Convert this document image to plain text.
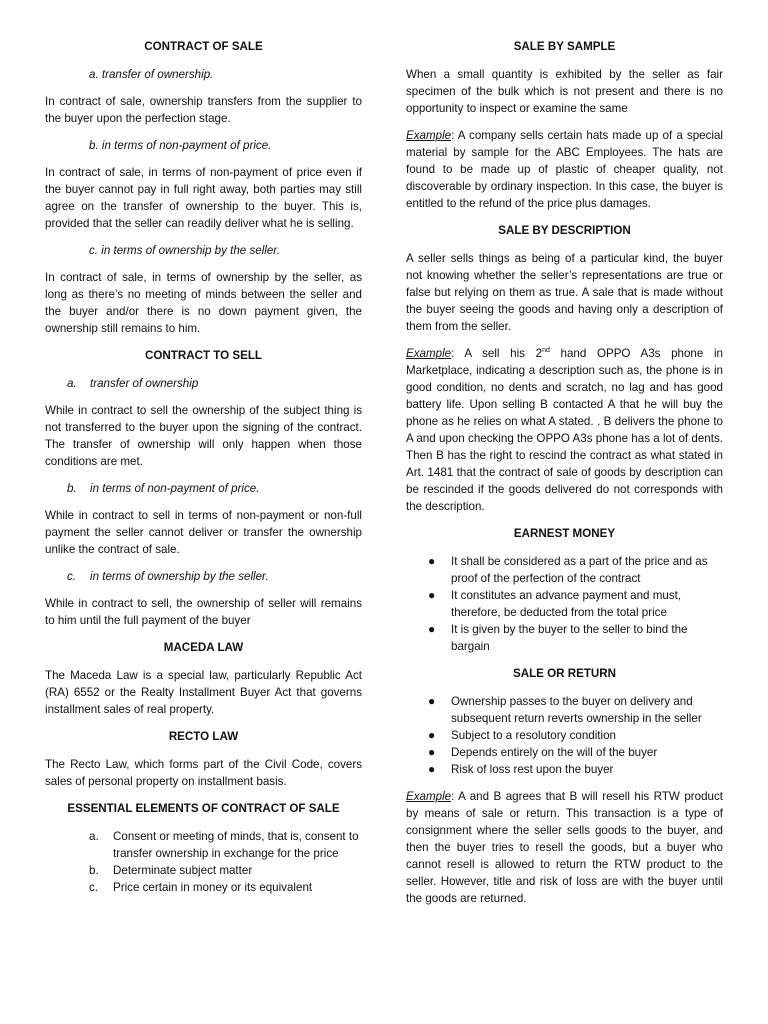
CONTRACT OF SALE
a. transfer of ownership.

In contract of sale, ownership transfers from the supplier to the buyer upon the perfection stage.

b. in terms of non-payment of price.

In contract of sale, in terms of non-payment of price even if the buyer cannot pay in full right away, both parties may still agree on the transfer of ownership to the buyer. This is, provided that the seller can readily deliver what he is selling.

c. in terms of ownership by the seller.

In contract of sale, in terms of ownership by the seller, as long as there’s no meeting of minds between the seller and the buyer and/or there is no down payment given, the ownership still remains to him.

CONTRACT TO SELL
a.	transfer of ownership

While in contract to sell the ownership of the subject thing is not transferred to the buyer upon the signing of the contract. The transfer of ownership will only happen when those conditions are met.

b.	in terms of non-payment of price.

While in contract to sell in terms of non-payment or non-full payment the seller cannot deliver or transfer the ownership unlike the contract of sale.

c.	in terms of ownership by the seller.

While in contract to sell, the ownership of seller will remains to him until the full payment of the buyer

MACEDA LAW

The Maceda Law is a special law, particularly Republic Act (RA) 6552 or the Realty Installment Buyer Act that governs installment sales of real property.

RECTO LAW

The Recto Law, which forms part of the Civil Code, covers sales of personal property on installment basis.

ESSENTIAL ELEMENTS OF CONTRACT OF SALE
a.	Consent or meeting of minds, that is, consent to transfer ownership in exchange for the price
b.	Determinate subject matter
c.	Price certain in money or its equivalent
SALE BY SAMPLE

When a small quantity is exhibited by the seller as fair specimen of the bulk which is not present and there is no opportunity to inspect or examine the same

Example: A company sells certain hats made up of a special material by sample for the ABC Employees. The hats are found to be made up of plastic of cheaper quality, not discoverable by ordinary inspection. In this case, the buyer is entitled to the refund of the price plus damages.

SALE BY DESCRIPTION

A seller sells things as being of a particular kind, the buyer not knowing whether the seller’s representations are true or false but relying on them as true. A sale that is made without the buyer seeing the goods and having only a description of them from the seller.

Example: A sell his 2nd hand OPPO A3s phone in Marketplace, indicating a description such as, the phone is in good condition, no dents and scratch, no lag and has good battery life. Upon selling B contacted A that he will buy the phone as he relies on what A stated. . B delivers the phone to A and upon checking the OPPO A3s phone has a lot of dents. Then B has the right to rescind the contract as what stated in Art. 1481 that the contract of sale of goods by description can be rescinded if the goods delivered do not corresponds with the description.

EARNEST MONEY
●	It shall be considered as a part of the price and as proof of the perfection of the contract
●	It constitutes an advance payment and must, therefore, be deducted from the total price
●	It is given by the buyer to the seller to bind the bargain
SALE OR RETURN
●	Ownership passes to the buyer on delivery and subsequent return reverts ownership in the seller
●	Subject to a resolutory condition
●	Depends entirely on the will of the buyer
●	Risk of loss rest upon the buyer

Example: A and B agrees that B will resell his RTW product by means of sale or return. This transaction is a type of consignment where the seller sells goods to the buyer, and then the buyer tries to resell the goods, but a buyer who cannot resell is allowed to return the RTW product to the seller. However, title and risk of loss are with the buyer until the goods are returned.
